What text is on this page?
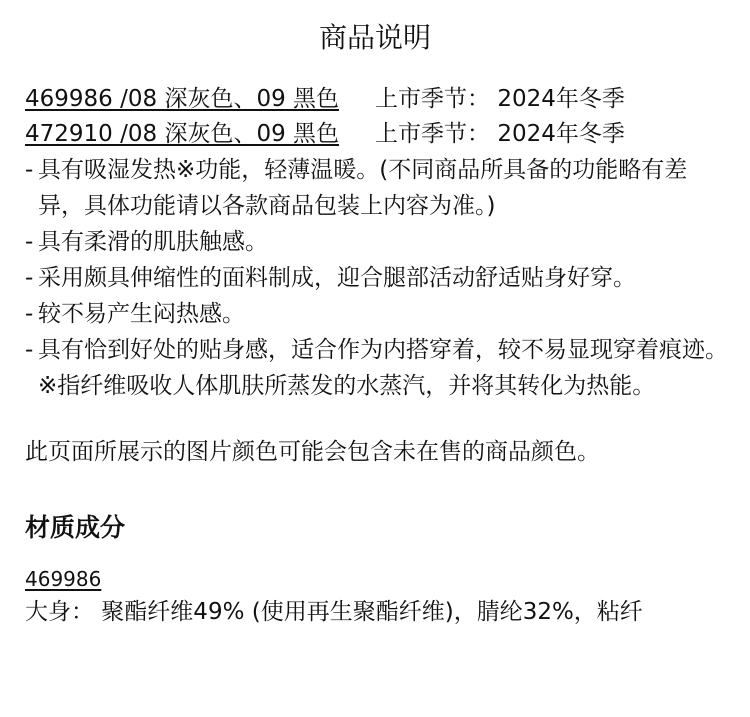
商品说明
469986 /08 深灰色、09 黑色 上市季节： 2024年冬季
472910 /08 深灰色、09 黑色 上市季节： 2024年冬季
- 具有吸湿发热※功能，轻薄温暖。(不同商品所具备的功能略有差异，具体功能请以各款商品包装上内容为准。)
- 具有柔滑的肌肤触感。
- 采用颇具伸缩性的面料制成，迎合腿部活动舒适贴身好穿。
- 较不易产生闷热感。
- 具有恰到好处的贴身感，适合作为内搭穿着，较不易显现穿着痕迹。
※指纤维吸收人体肌肤所蒸发的水蒸汽，并将其转化为热能。
此页面所展示的图片颜色可能会包含未在售的商品颜色。
材质成分
469986
大身： 聚酯纤维49% (使用再生聚酯纤维)，腈纶32%，粘纤
